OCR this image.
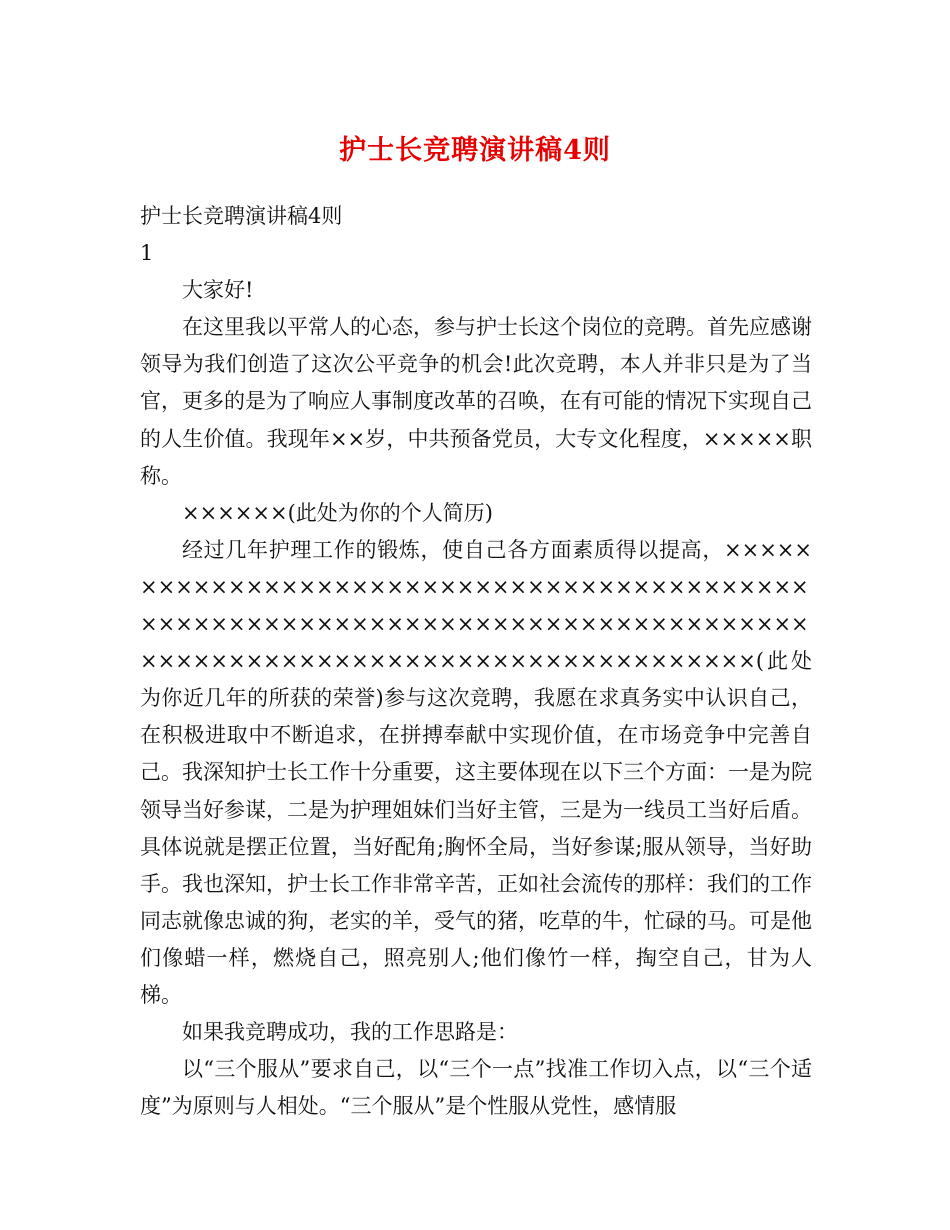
护士长竞聘演讲稿4则

护士长竞聘演讲稿4则

1

大家好!

在这里我以平常人的心态，参与护士长这个岗位的竞聘。首先应感谢领导为我们创造了这次公平竞争的机会!此次竞聘，本人并非只是为了当官，更多的是为了响应人事制度改革的召唤，在有可能的情况下实现自己的人生价值。我现年××岁，中共预备党员，大专文化程度，×××××职称。

××××××(此处为你的个人简历)

经过几年护理工作的锻炼，使自己各方面素质得以提高，××××××××××××××××××××××××××××××××××××××××××××××××××××××××××××××××××××××××××××××××××××××××××××××××××××××××××××××××××××(此处为你近几年的所获的荣誉)参与这次竞聘，我愿在求真务实中认识自己，在积极进取中不断追求，在拼搏奉献中实现价值，在市场竞争中完善自己。我深知护士长工作十分重要，这主要体现在以下三个方面：一是为院领导当好参谋，二是为护理姐妹们当好主管，三是为一线员工当好后盾。具体说就是摆正位置，当好配角;胸怀全局，当好参谋;服从领导，当好助手。我也深知，护士长工作非常辛苦，正如社会流传的那样：我们的工作同志就像忠诚的狗，老实的羊，受气的猪，吃草的牛，忙碌的马。可是他们像蜡一样，燃烧自己，照亮别人;他们像竹一样，掏空自己，甘为人梯。

如果我竞聘成功，我的工作思路是：

以“三个服从”要求自己，以“三个一点”找准工作切入点，以“三个适度”为原则与人相处。“三个服从”是个性服从党性，感情服
